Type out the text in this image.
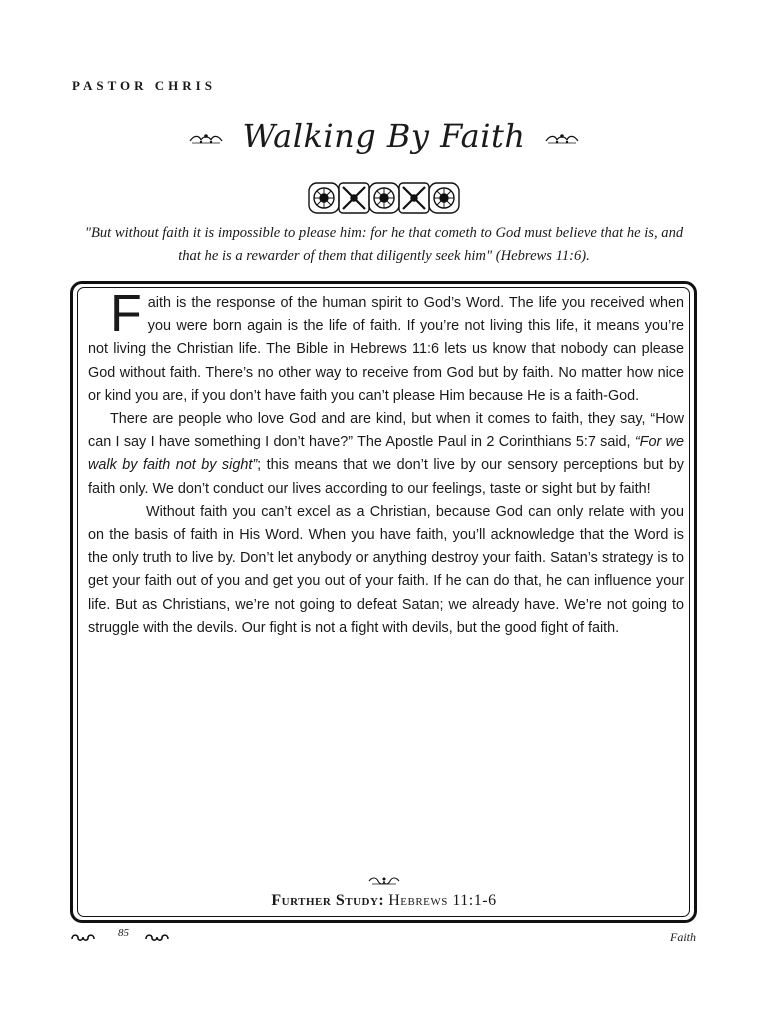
PASTOR CHRIS
Walking By Faith
"But without faith it is impossible to please him: for he that cometh to God must believe that he is, and that he is a rewarder of them that diligently seek him" (Hebrews 11:6).

Faith is the response of the human spirit to God’s Word. The life you received when you were born again is the life of faith. If you’re not living this life, it means you’re not living the Christian life. The Bible in Hebrews 11:6 lets us know that nobody can please God without faith. There’s no other way to receive from God but by faith. No matter how nice or kind you are, if you don’t have faith you can’t please Him because He is a faith-God.

There are people who love God and are kind, but when it comes to faith, they say, “How can I say I have something I don’t have?” The Apostle Paul in 2 Corinthians 5:7 said, “For we walk by faith not by sight”; this means that we don’t live by our sensory perceptions but by faith only. We don’t conduct our lives according to our feelings, taste or sight but by faith!

Without faith you can’t excel as a Christian, because God can only relate with you on the basis of faith in His Word. When you have faith, you’ll acknowledge that the Word is the only truth to live by. Don’t let anybody or anything destroy your faith. Satan’s strategy is to get your faith out of you and get you out of your faith. If he can do that, he can influence your life. But as Christians, we’re not going to defeat Satan; we already have. We’re not going to struggle with the devils. Our fight is not a fight with devils, but the good fight of faith.

Further Study: Hebrews 11:1-6
85	Faith
